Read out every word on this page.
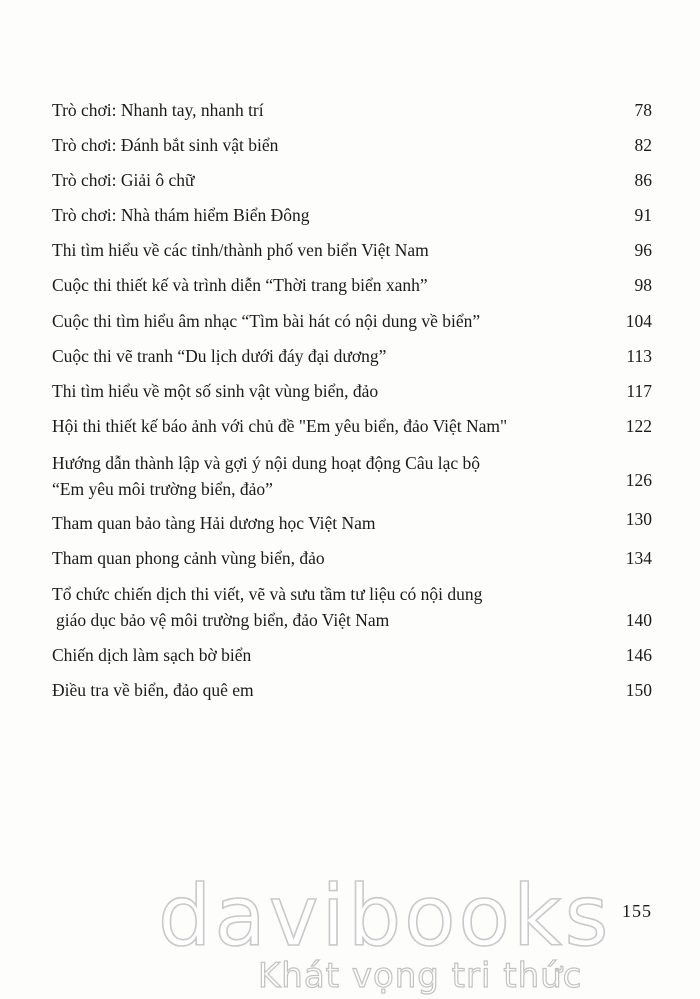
Trò chơi: Nhanh tay, nhanh trí	78
Trò chơi: Đánh bắt sinh vật biển	82
Trò chơi: Giải ô chữ	86
Trò chơi: Nhà thám hiểm Biển Đông	91
Thi tìm hiểu về các tỉnh/thành phố ven biển Việt Nam	96
Cuộc thi thiết kế và trình diễn “Thời trang biển xanh”	98
Cuộc thi tìm hiểu âm nhạc “Tìm bài hát có nội dung về biển”	104
Cuộc thi vẽ tranh “Du lịch dưới đáy đại dương”	113
Thi tìm hiểu về một số sinh vật vùng biển, đảo	117
Hội thi thiết kế báo ảnh với chủ đề "Em yêu biển, đảo Việt Nam"	122
Hướng dẫn thành lập và gợi ý nội dung hoạt động Câu lạc bộ
“Em yêu môi trường biển, đảo”	126
Tham quan bảo tàng Hải dương học Việt Nam	130
Tham quan phong cảnh vùng biển, đảo	134
Tổ chức chiến dịch thi viết, vẽ và sưu tầm tư liệu có nội dung
giáo dục bảo vệ môi trường biển, đảo Việt Nam	140
Chiến dịch làm sạch bờ biển	146
Điều tra về biển, đảo quê em	150
davibooks
Khát vọng tri thức
155
